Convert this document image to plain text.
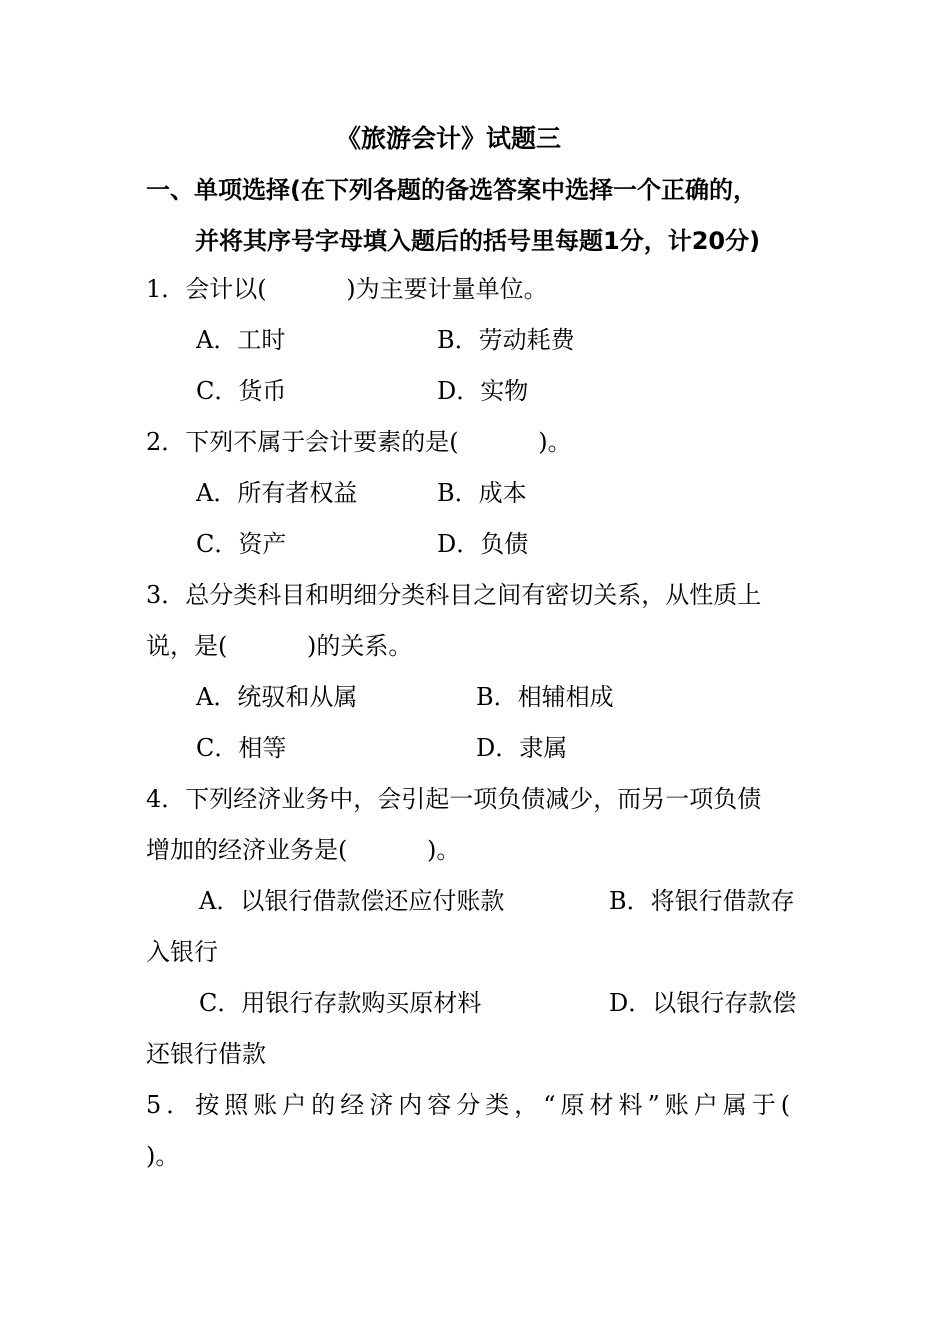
《旅游会计》试题三
一、单项选择(在下列各题的备选答案中选择一个正确的，
并将其序号字母填入题后的括号里每题1分，计20分)
1．会计以(　　　 )为主要计量单位。
A．工时	B．劳动耗费
C．货币	D．实物
2．下列不属于会计要素的是(　　　 )。
A．所有者权益	B．成本
C．资产	D．负债
3．总分类科目和明细分类科目之间有密切关系，从性质上
说，是(　　　 )的关系。
A．统驭和从属	B．相辅相成
C．相等	D．隶属
4．下列经济业务中，会引起一项负债减少，而另一项负债
增加的经济业务是(　　　 )。
A．以银行借款偿还应付账款	B．将银行借款存
入银行
C．用银行存款购买原材料	D．以银行存款偿
还银行借款
5．按照账户的经济内容分类，“原材料”账户属于(
)。
